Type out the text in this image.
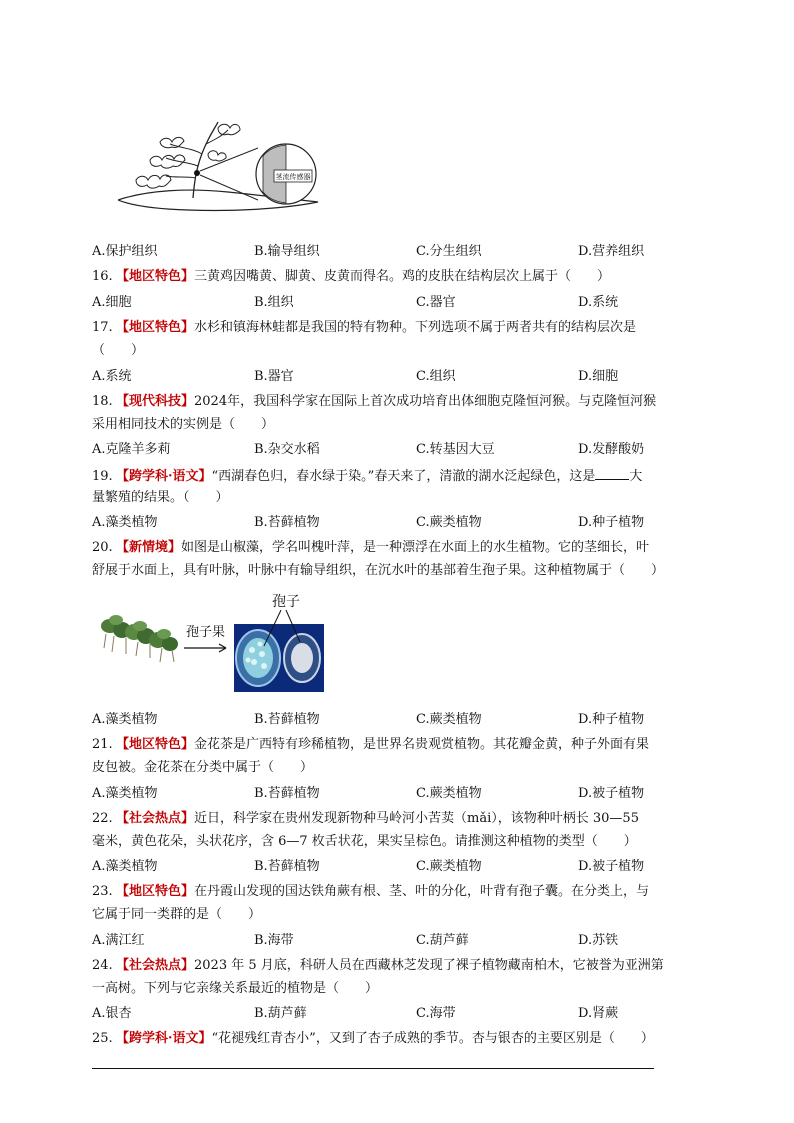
茎流传感器
A.保护组织	B.输导组织	C.分生组织	D.营养组织
16. 【地区特色】三黄鸡因嘴黄、脚黄、皮黄而得名。鸡的皮肤在结构层次上属于（　　）
A.细胞	B.组织	C.器官	D.系统
17. 【地区特色】水杉和镇海林蛙都是我国的特有物种。下列选项不属于两者共有的结构层次是
（　　）
A.系统	B.器官	C.组织	D.细胞
18. 【现代科技】2024年，我国科学家在国际上首次成功培育出体细胞克隆恒河猴。与克隆恒河猴
采用相同技术的实例是（　　）
A.克隆羊多莉	B.杂交水稻	C.转基因大豆	D.发酵酸奶
19. 【跨学科·语文】“西湖春色归，春水绿于染。”春天来了，清澈的湖水泛起绿色，这是	大
量繁殖的结果。（　　）
A.藻类植物	B.苔藓植物	C.蕨类植物	D.种子植物
20. 【新情境】如图是山椒藻，学名叫槐叶萍，是一种漂浮在水面上的水生植物。它的茎细长，叶
舒展于水面上，具有叶脉，叶脉中有输导组织，在沉水叶的基部着生孢子果。这种植物属于（　　）
孢子果
孢子
A.藻类植物	B.苔藓植物	C.蕨类植物	D.种子植物
21. 【地区特色】金花茶是广西特有珍稀植物，是世界名贵观赏植物。其花瓣金黄，种子外面有果
皮包被。金花茶在分类中属于（　　）
A.藻类植物	B.苔藓植物	C.蕨类植物	D.被子植物
22. 【社会热点】近日，科学家在贵州发现新物种马岭河小苦荬（mǎi），该物种叶柄长 30—55
毫米，黄色花朵，头状花序，含 6—7 枚舌状花，果实呈棕色。请推测这种植物的类型（　　）
A.藻类植物	B.苔藓植物	C.蕨类植物	D.被子植物
23. 【地区特色】在丹霞山发现的国达铁角蕨有根、茎、叶的分化，叶背有孢子囊。在分类上，与
它属于同一类群的是（　　）
A.满江红	B.海带	C.葫芦藓	D.苏铁
24. 【社会热点】2023 年 5 月底，科研人员在西藏林芝发现了裸子植物藏南柏木，它被誉为亚洲第
一高树。下列与它亲缘关系最近的植物是（　　）
A.银杏	B.葫芦藓	C.海带	D.肾蕨
25. 【跨学科·语文】“花褪残红青杏小”，又到了杏子成熟的季节。杏与银杏的主要区别是（　　）
